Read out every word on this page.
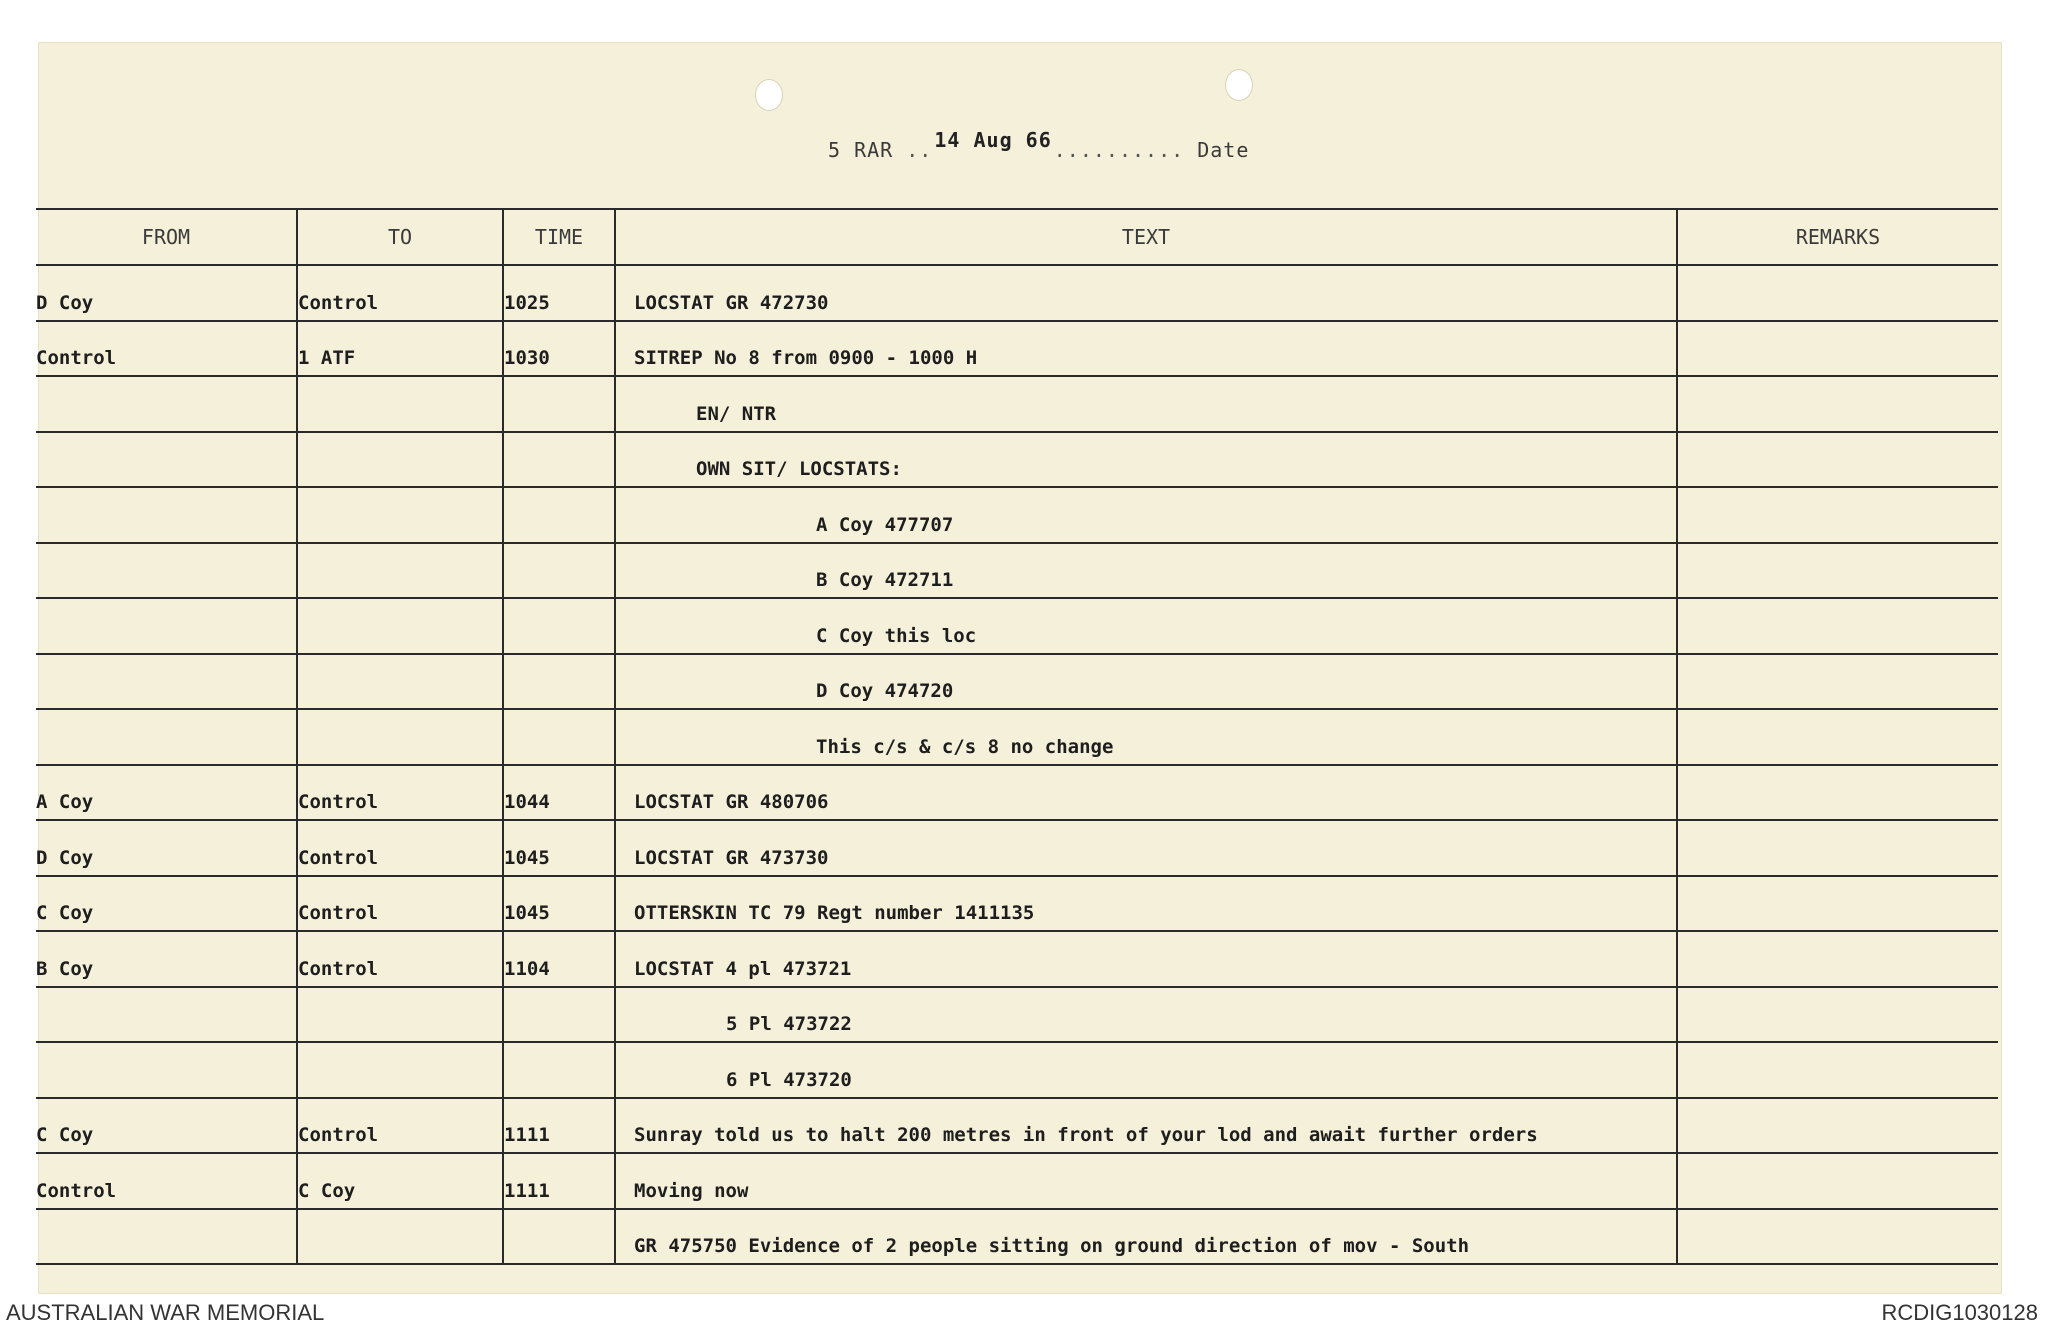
5 RAR .. 14 Aug 66 .......... Date
FROM	TO	TIME	TEXT	REMARKS
D Coy	Control	1025	LOCSTAT GR 472730	
Control	1 ATF	1030	SITREP No 8 from 0900 - 1000 H	
			EN/ NTR	
			OWN SIT/ LOCSTATS:	
			A Coy 477707	
			B Coy 472711	
			C Coy this loc	
			D Coy 474720	
			This c/s & c/s 8 no change	
A Coy	Control	1044	LOCSTAT GR 480706	
D Coy	Control	1045	LOCSTAT GR 473730	
C Coy	Control	1045	OTTERSKIN TC 79 Regt number 1411135	
B Coy	Control	1104	LOCSTAT 4 pl 473721	
			5 Pl 473722	
			6 Pl 473720	
C Coy	Control	1111	Sunray told us to halt 200 metres in front of your lod and await further orders	
Control	C Coy	1111	Moving now	
			GR 475750 Evidence of 2 people sitting on ground direction of mov - South	
AUSTRALIAN WAR MEMORIAL	RCDIG1030128
